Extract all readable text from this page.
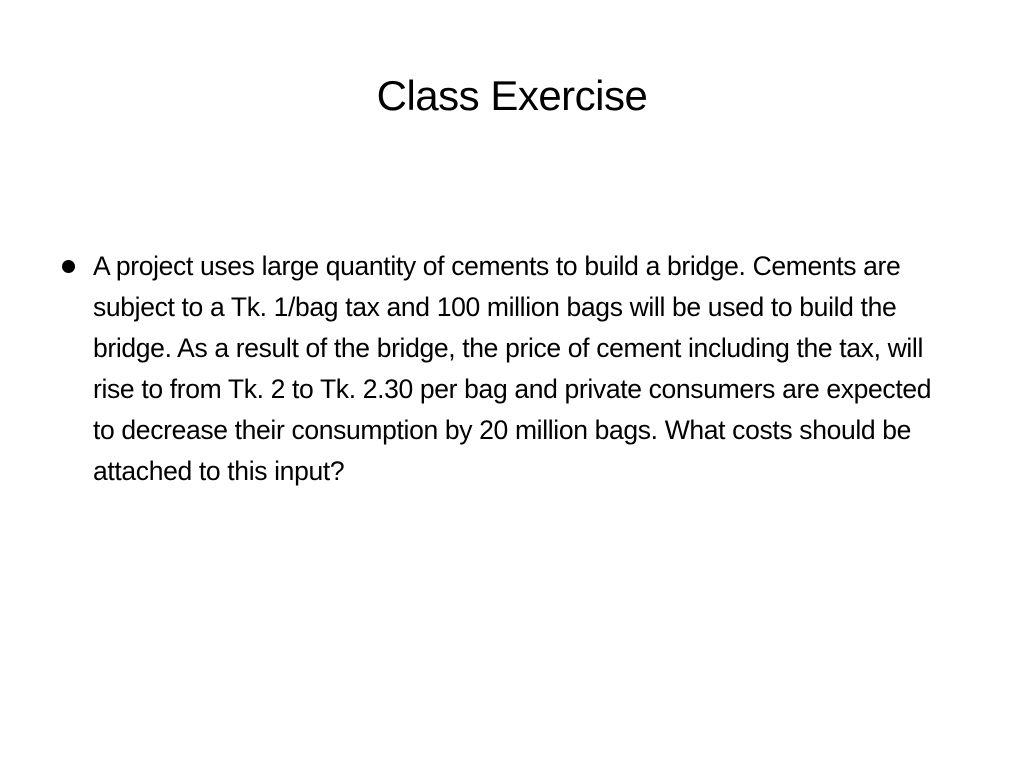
Class Exercise
A project uses large quantity of cements to build a bridge. Cements are subject to a Tk. 1/bag tax and 100 million bags will be used to build the bridge. As a result of the bridge, the price of cement including the tax, will rise to from Tk. 2 to Tk. 2.30 per bag and private consumers are expected to decrease their consumption by 20 million bags. What costs should be attached to this input?
